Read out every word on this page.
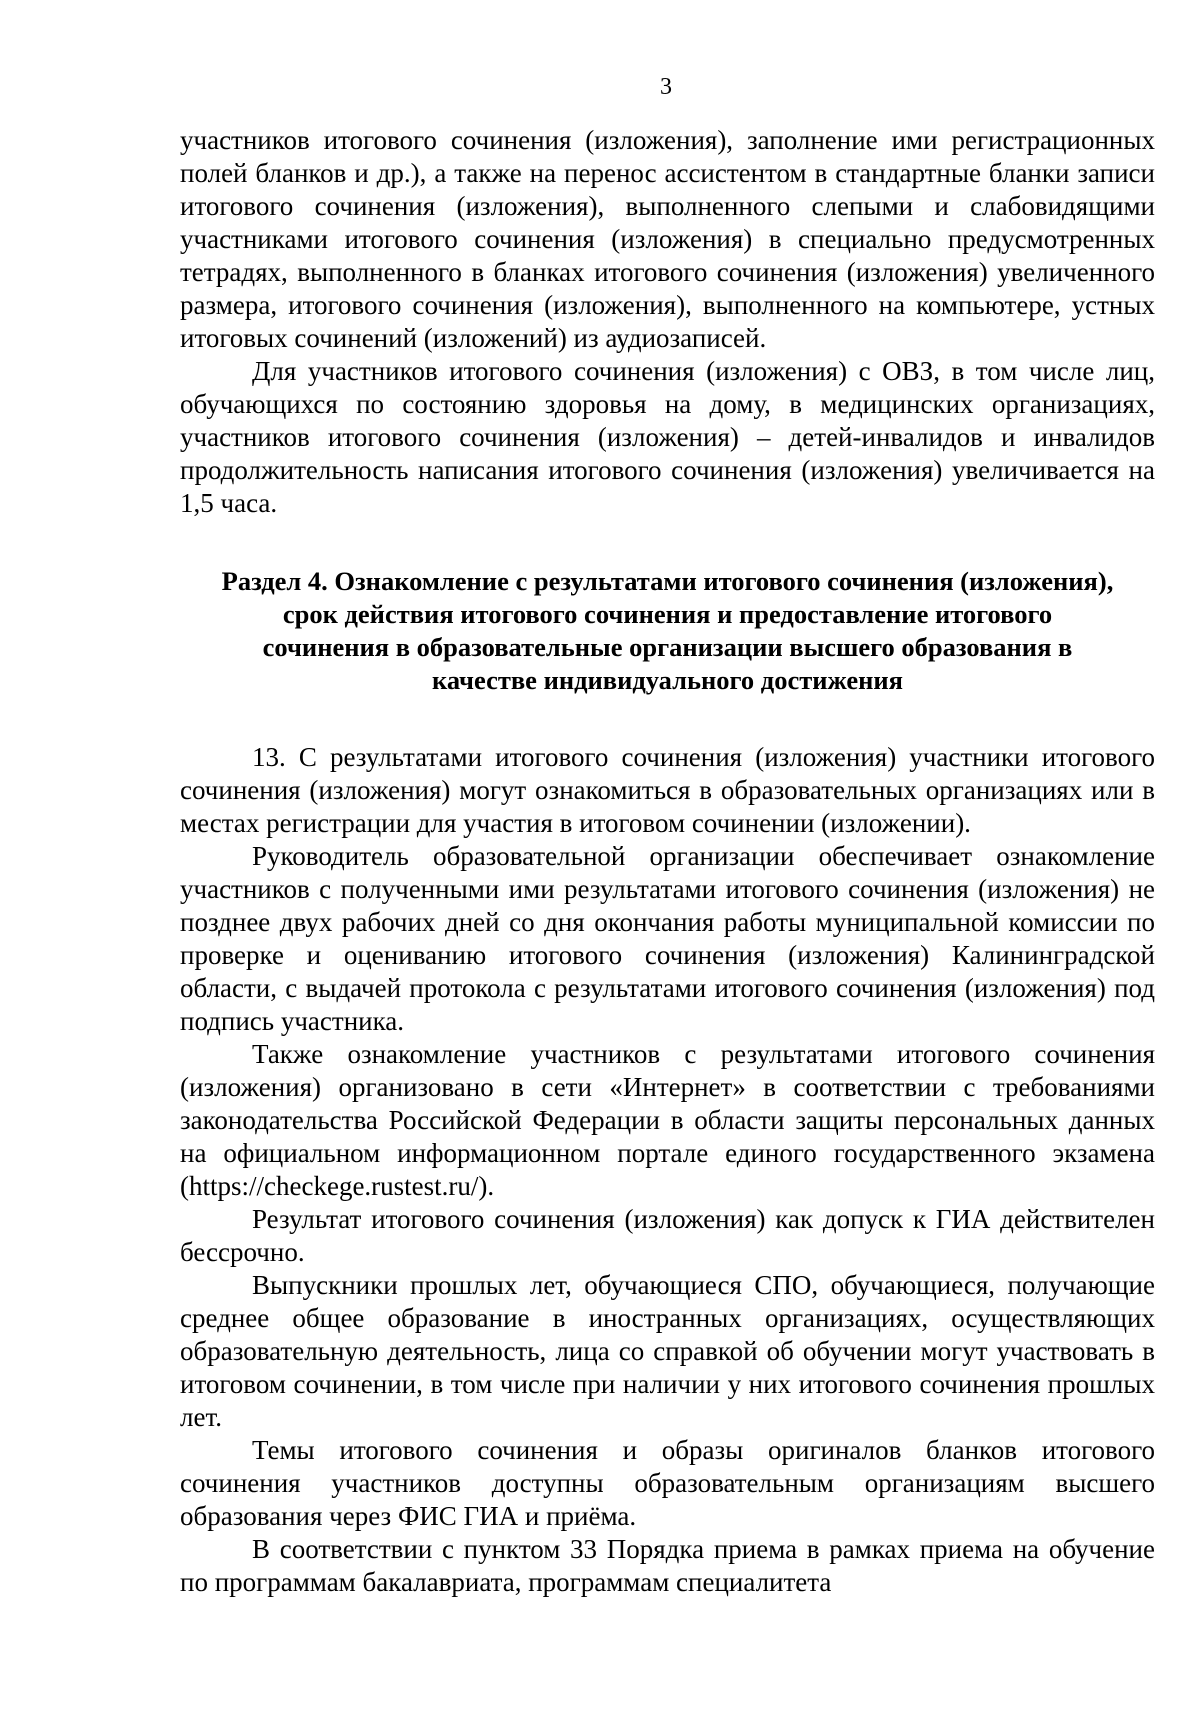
3

участников итогового сочинения (изложения), заполнение ими регистрационных полей бланков и др.), а также на перенос ассистентом в стандартные бланки записи итогового сочинения (изложения), выполненного слепыми и слабовидящими участниками итогового сочинения (изложения) в специально предусмотренных тетрадях, выполненного в бланках итогового сочинения (изложения) увеличенного размера, итогового сочинения (изложения), выполненного на компьютере, устных итоговых сочинений (изложений) из аудиозаписей.

Для участников итогового сочинения (изложения) с ОВЗ, в том числе лиц, обучающихся по состоянию здоровья на дому, в медицинских организациях, участников итогового сочинения (изложения) – детей-инвалидов и инвалидов продолжительность написания итогового сочинения (изложения) увеличивается на 1,5 часа.

Раздел 4. Ознакомление с результатами итогового сочинения (изложения), срок действия итогового сочинения и предоставление итогового сочинения в образовательные организации высшего образования в качестве индивидуального достижения

13. С результатами итогового сочинения (изложения) участники итогового сочинения (изложения) могут ознакомиться в образовательных организациях или в местах регистрации для участия в итоговом сочинении (изложении).

Руководитель образовательной организации обеспечивает ознакомление участников с полученными ими результатами итогового сочинения (изложения) не позднее двух рабочих дней со дня окончания работы муниципальной комиссии по проверке и оцениванию итогового сочинения (изложения) Калининградской области, с выдачей протокола с результатами итогового сочинения (изложения) под подпись участника.

Также ознакомление участников с результатами итогового сочинения (изложения) организовано в сети «Интернет» в соответствии с требованиями законодательства Российской Федерации в области защиты персональных данных на официальном информационном портале единого государственного экзамена (https://checkege.rustest.ru/).

Результат итогового сочинения (изложения) как допуск к ГИА действителен бессрочно.

Выпускники прошлых лет, обучающиеся СПО, обучающиеся, получающие среднее общее образование в иностранных организациях, осуществляющих образовательную деятельность, лица со справкой об обучении могут участвовать в итоговом сочинении, в том числе при наличии у них итогового сочинения прошлых лет.

Темы итогового сочинения и образы оригиналов бланков итогового сочинения участников доступны образовательным организациям высшего образования через ФИС ГИА и приёма.

В соответствии с пунктом 33 Порядка приема в рамках приема на обучение по программам бакалавриата, программам специалитета
